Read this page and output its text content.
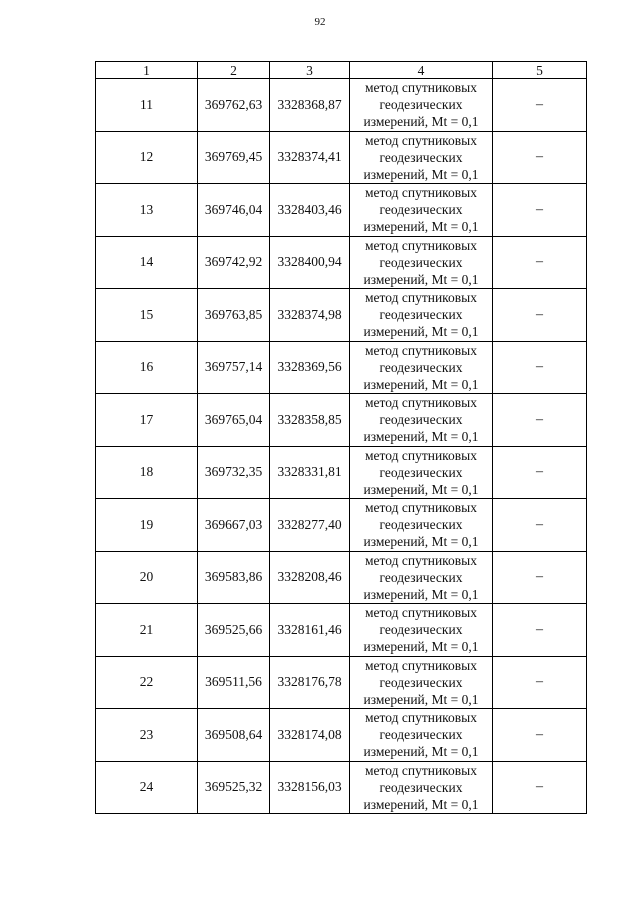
92
1	2	3	4	5
11	369762,63	3328368,87	метод спутниковых
геодезических
измерений, Mt = 0,1	–
12	369769,45	3328374,41	метод спутниковых
геодезических
измерений, Mt = 0,1	–
13	369746,04	3328403,46	метод спутниковых
геодезических
измерений, Mt = 0,1	–
14	369742,92	3328400,94	метод спутниковых
геодезических
измерений, Mt = 0,1	–
15	369763,85	3328374,98	метод спутниковых
геодезических
измерений, Mt = 0,1	–
16	369757,14	3328369,56	метод спутниковых
геодезических
измерений, Mt = 0,1	–
17	369765,04	3328358,85	метод спутниковых
геодезических
измерений, Mt = 0,1	–
18	369732,35	3328331,81	метод спутниковых
геодезических
измерений, Mt = 0,1	–
19	369667,03	3328277,40	метод спутниковых
геодезических
измерений, Mt = 0,1	–
20	369583,86	3328208,46	метод спутниковых
геодезических
измерений, Mt = 0,1	–
21	369525,66	3328161,46	метод спутниковых
геодезических
измерений, Mt = 0,1	–
22	369511,56	3328176,78	метод спутниковых
геодезических
измерений, Mt = 0,1	–
23	369508,64	3328174,08	метод спутниковых
геодезических
измерений, Mt = 0,1	–
24	369525,32	3328156,03	метод спутниковых
геодезических
измерений, Mt = 0,1	–
